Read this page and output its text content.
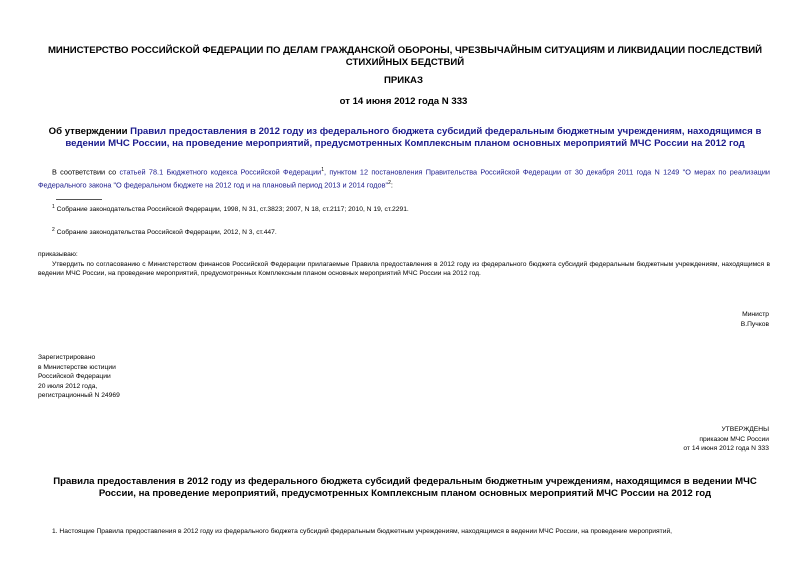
МИНИСТЕРСТВО РОССИЙСКОЙ ФЕДЕРАЦИИ ПО ДЕЛАМ ГРАЖДАНСКОЙ ОБОРОНЫ, ЧРЕЗВЫЧАЙНЫМ СИТУАЦИЯМ И ЛИКВИДАЦИИ ПОСЛЕДСТВИЙ СТИХИЙНЫХ БЕДСТВИЙ
ПРИКАЗ
от 14 июня 2012 года N 333
Об утверждении Правил предоставления в 2012 году из федерального бюджета субсидий федеральным бюджетным учреждениям, находящимся в ведении МЧС России, на проведение мероприятий, предусмотренных Комплексным планом основных мероприятий МЧС России на 2012 год
В соответствии со статьей 78.1 Бюджетного кодекса Российской Федерации$^1$, пунктом 12 постановления Правительства Российской Федерации от 30 декабря 2011 года N 1249 "О мерах по реализации Федерального закона "О федеральном бюджете на 2012 год и на плановый период 2013 и 2014 годов"$^2$:
$^1$ Собрание законодательства Российской Федерации, 1998, N 31, ст.3823; 2007, N 18, ст.2117; 2010, N 19, ст.2291.
$^2$ Собрание законодательства Российской Федерации, 2012, N 3, ст.447.
приказываю:
Утвердить по согласованию с Министерством финансов Российской Федерации прилагаемые Правила предоставления в 2012 году из федерального бюджета субсидий федеральным бюджетным учреждениям, находящимся в ведении МЧС России, на проведение мероприятий, предусмотренных Комплексным планом основных мероприятий МЧС России на 2012 год.
Министр
В.Пучков
Зарегистрировано
в Министерстве юстиции
Российской Федерации
20 июля 2012 года,
регистрационный N 24969
УТВЕРЖДЕНЫ
приказом МЧС России
от 14 июня 2012 года N 333
Правила предоставления в 2012 году из федерального бюджета субсидий федеральным бюджетным учреждениям, находящимся в ведении МЧС России, на проведение мероприятий, предусмотренных Комплексным планом основных мероприятий МЧС России на 2012 год
1. Настоящие Правила предоставления в 2012 году из федерального бюджета субсидий федеральным бюджетным учреждениям, находящимся в ведении МЧС России, на проведение мероприятий,
